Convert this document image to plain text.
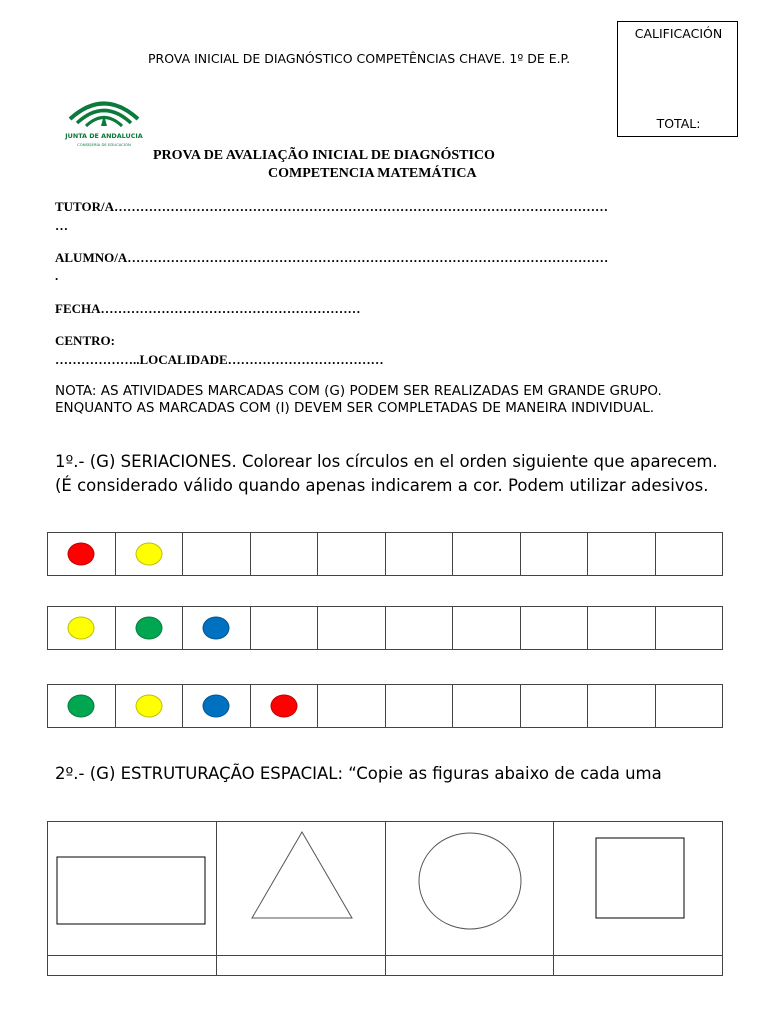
PROVA INICIAL DE DIAGNÓSTICO COMPETÊNCIAS CHAVE. 1º DE E.P.
CALIFICACIÓN
TOTAL:
JUNTA DE ANDALUCIA
CONSEJERÍA DE EDUCACIÓN
PROVA DE AVALIAÇÃO INICIAL DE DIAGNÓSTICO
COMPETENCIA MATEMÁTICA
TUTOR/A……………………………………………………………………………………………………
…
ALUMNO/A…………………………………………………………………………………………………
.
FECHA……………………………………………………
CENTRO:
………………..LOCALIDADE………………………………
NOTA: AS ATIVIDADES MARCADAS COM (G) PODEM SER REALIZADAS EM GRANDE GRUPO. ENQUANTO AS MARCADAS COM (I) DEVEM SER COMPLETADAS DE MANEIRA INDIVIDUAL.
1º.- (G) SERIACIONES. Colorear los círculos en el orden siguiente que aparecem. (É considerado válido quando apenas indicarem a cor. Podem utilizar adesivos.
2º.- (G) ESTRUTURAÇÃO ESPACIAL: “Copie as figuras abaixo de cada uma
